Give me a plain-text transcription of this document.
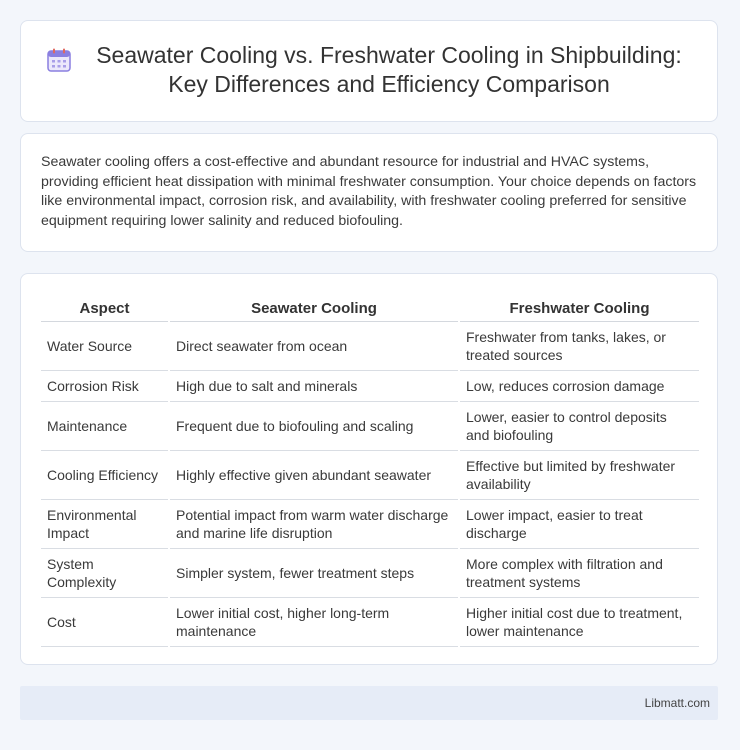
Seawater Cooling vs. Freshwater Cooling in Shipbuilding: Key Differences and Efficiency Comparison

Seawater cooling offers a cost-effective and abundant resource for industrial and HVAC systems, providing efficient heat dissipation with minimal freshwater consumption. Your choice depends on factors like environmental impact, corrosion risk, and availability, with freshwater cooling preferred for sensitive equipment requiring lower salinity and reduced biofouling.

Aspect	Seawater Cooling	Freshwater Cooling
Water Source	Direct seawater from ocean	Freshwater from tanks, lakes, or treated sources
Corrosion Risk	High due to salt and minerals	Low, reduces corrosion damage
Maintenance	Frequent due to biofouling and scaling	Lower, easier to control deposits and biofouling
Cooling Efficiency	Highly effective given abundant seawater	Effective but limited by freshwater availability
Environmental Impact	Potential impact from warm water discharge and marine life disruption	Lower impact, easier to treat discharge
System Complexity	Simpler system, fewer treatment steps	More complex with filtration and treatment systems
Cost	Lower initial cost, higher long-term maintenance	Higher initial cost due to treatment, lower maintenance
Libmatt.com
